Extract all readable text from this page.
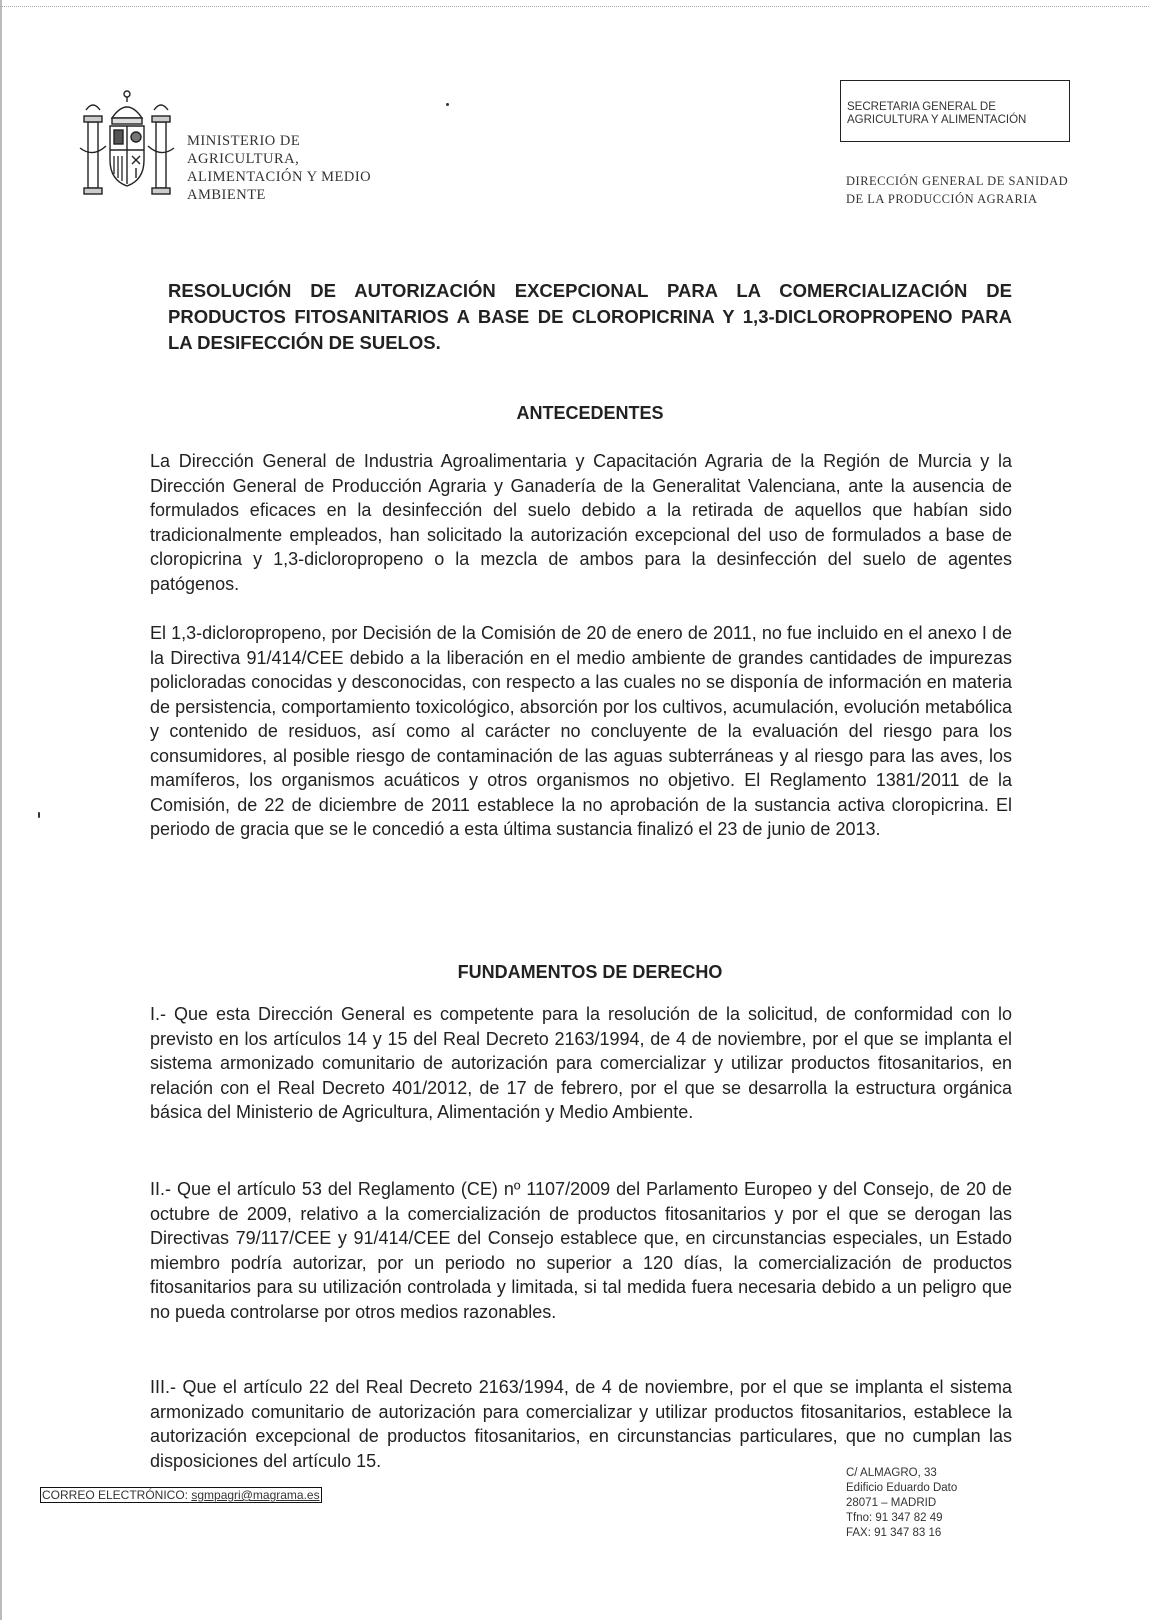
MINISTERIO DE
AGRICULTURA,
ALIMENTACIÓN Y MEDIO
AMBIENTE
SECRETARIA GENERAL DE
AGRICULTURA Y ALIMENTACIÓN
DIRECCIÓN GENERAL DE SANIDAD
DE LA PRODUCCIÓN AGRARIA
RESOLUCIÓN DE AUTORIZACIÓN EXCEPCIONAL PARA LA COMERCIALIZACIÓN DE PRODUCTOS FITOSANITARIOS A BASE DE CLOROPICRINA Y 1,3-DICLOROPROPENO PARA LA DESIFECCIÓN DE SUELOS.
ANTECEDENTES
La Dirección General de Industria Agroalimentaria y Capacitación Agraria de la Región de Murcia y la Dirección General de Producción Agraria y Ganadería de la Generalitat Valenciana, ante la ausencia de formulados eficaces en la desinfección del suelo debido a la retirada de aquellos que habían sido tradicionalmente empleados, han solicitado la autorización excepcional del uso de formulados a base de cloropicrina y 1,3-dicloropropeno o la mezcla de ambos para la desinfección del suelo de agentes patógenos.
El 1,3-dicloropropeno, por Decisión de la Comisión de 20 de enero de 2011, no fue incluido en el anexo I de la Directiva 91/414/CEE debido a la liberación en el medio ambiente de grandes cantidades de impurezas policloradas conocidas y desconocidas, con respecto a las cuales no se disponía de información en materia de persistencia, comportamiento toxicológico, absorción por los cultivos, acumulación, evolución metabólica y contenido de residuos, así como al carácter no concluyente de la evaluación del riesgo para los consumidores, al posible riesgo de contaminación de las aguas subterráneas y al riesgo para las aves, los mamíferos, los organismos acuáticos y otros organismos no objetivo. El Reglamento 1381/2011 de la Comisión, de 22 de diciembre de 2011 establece la no aprobación de la sustancia activa cloropicrina. El periodo de gracia que se le concedió a esta última sustancia finalizó el 23 de junio de 2013.
FUNDAMENTOS DE DERECHO
I.- Que esta Dirección General es competente para la resolución de la solicitud, de conformidad con lo previsto en los artículos 14 y 15 del Real Decreto 2163/1994, de 4 de noviembre, por el que se implanta el sistema armonizado comunitario de autorización para comercializar y utilizar productos fitosanitarios, en relación con el Real Decreto 401/2012, de 17 de febrero, por el que se desarrolla la estructura orgánica básica del Ministerio de Agricultura, Alimentación y Medio Ambiente.
II.- Que el artículo 53 del Reglamento (CE) nº 1107/2009 del Parlamento Europeo y del Consejo, de 20 de octubre de 2009, relativo a la comercialización de productos fitosanitarios y por el que se derogan las Directivas 79/117/CEE y 91/414/CEE del Consejo establece que, en circunstancias especiales, un Estado miembro podría autorizar, por un periodo no superior a 120 días, la comercialización de productos fitosanitarios para su utilización controlada y limitada, si tal medida fuera necesaria debido a un peligro que no pueda controlarse por otros medios razonables.
III.- Que el artículo 22 del Real Decreto 2163/1994, de 4 de noviembre, por el que se implanta el sistema armonizado comunitario de autorización para comercializar y utilizar productos fitosanitarios, establece la autorización excepcional de productos fitosanitarios, en circunstancias particulares, que no cumplan las disposiciones del artículo 15.
CORREO ELECTRÓNICO: sgmpagri@magrama.es
C/ ALMAGRO, 33
Edificio Eduardo Dato
28071 – MADRID
Tfno: 91 347 82 49
FAX: 91 347 83 16
